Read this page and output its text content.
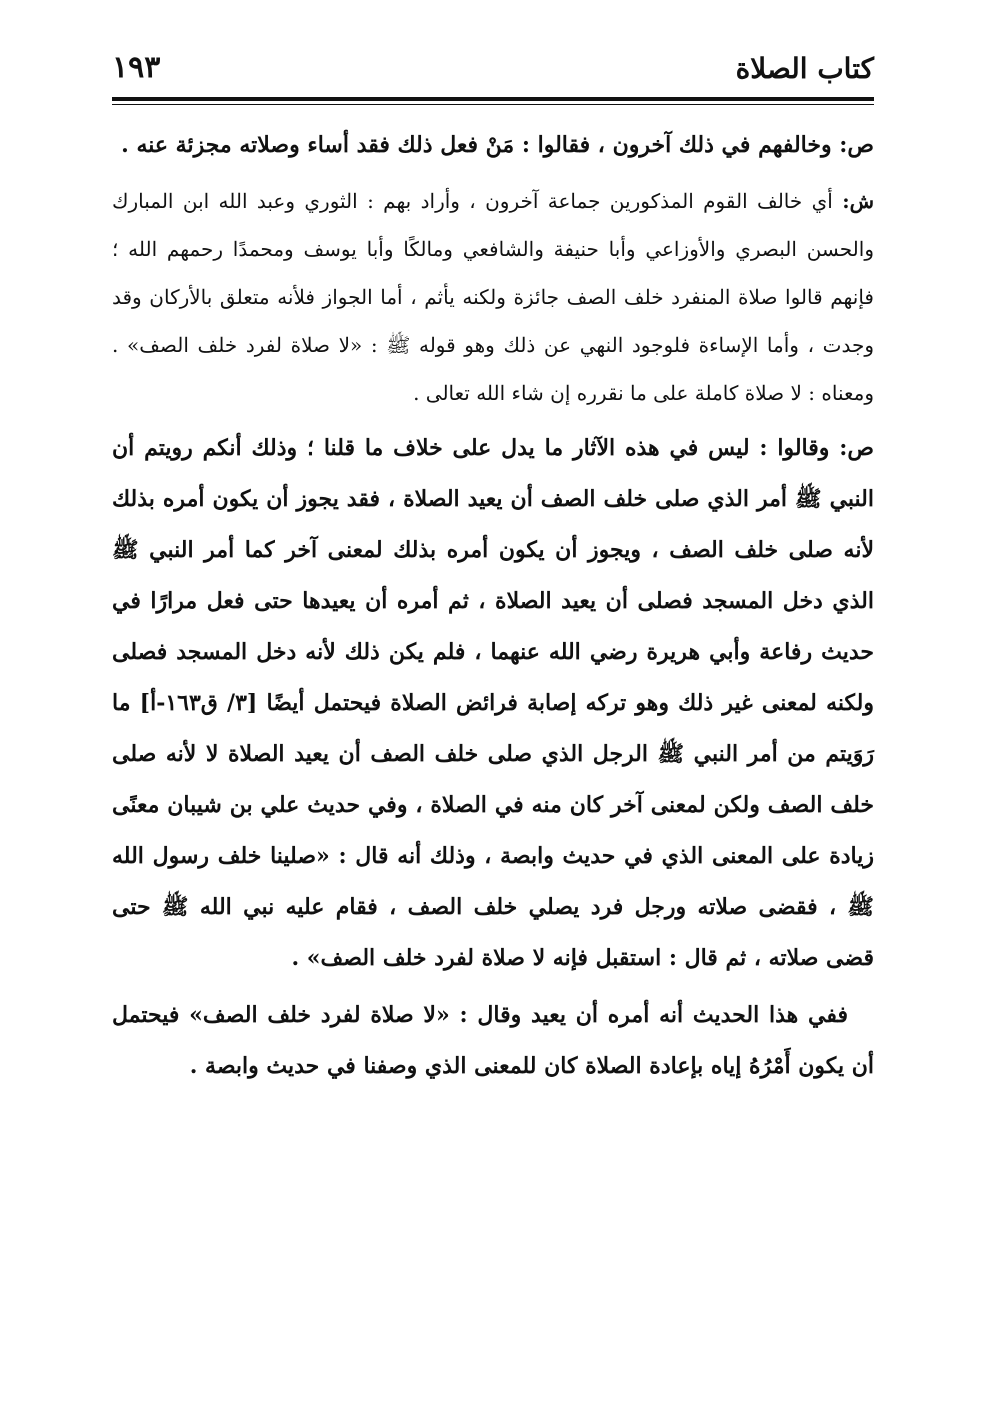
كتاب الصلاة
١٩٣

ص: وخالفهم في ذلك آخرون ، فقالوا : مَنْ فعل ذلك فقد أساء وصلاته مجزئة عنه .

ش: أي خالف القوم المذكورين جماعة آخرون ، وأراد بهم : الثوري وعبد الله ابن المبارك والحسن البصري والأوزاعي وأبا حنيفة والشافعي ومالكًا وأبا يوسف ومحمدًا رحمهم الله ؛ فإنهم قالوا صلاة المنفرد خلف الصف جائزة ولكنه يأثم ، أما الجواز فلأنه متعلق بالأركان وقد وجدت ، وأما الإساءة فلوجود النهي عن ذلك وهو قوله ﷺ : «لا صلاة لفرد خلف الصف» . ومعناه : لا صلاة كاملة على ما نقرره إن شاء الله تعالى .

ص: وقالوا : ليس في هذه الآثار ما يدل على خلاف ما قلنا ؛ وذلك أنكم رويتم أن النبي ﷺ أمر الذي صلى خلف الصف أن يعيد الصلاة ، فقد يجوز أن يكون أمره بذلك لأنه صلى خلف الصف ، ويجوز أن يكون أمره بذلك لمعنى آخر كما أمر النبي ﷺ الذي دخل المسجد فصلى أن يعيد الصلاة ، ثم أمره أن يعيدها حتى فعل مرارًا في حديث رفاعة وأبي هريرة رضي الله عنهما ، فلم يكن ذلك لأنه دخل المسجد فصلى ولكنه لمعنى غير ذلك وهو تركه إصابة فرائض الصلاة فيحتمل أيضًا [٣/ ق١٦٣-أ] ما رَوَيتم من أمر النبي ﷺ الرجل الذي صلى خلف الصف أن يعيد الصلاة لا لأنه صلى خلف الصف ولكن لمعنى آخر كان منه في الصلاة ، وفي حديث علي بن شيبان معنًى زيادة على المعنى الذي في حديث وابصة ، وذلك أنه قال : «صلينا خلف رسول الله ﷺ ، فقضى صلاته ورجل فرد يصلي خلف الصف ، فقام عليه نبي الله ﷺ حتى قضى صلاته ، ثم قال : استقبل فإنه لا صلاة لفرد خلف الصف» .

ففي هذا الحديث أنه أمره أن يعيد وقال : «لا صلاة لفرد خلف الصف» فيحتمل أن يكون أَمْرُهُ إياه بإعادة الصلاة كان للمعنى الذي وصفنا في حديث وابصة .
